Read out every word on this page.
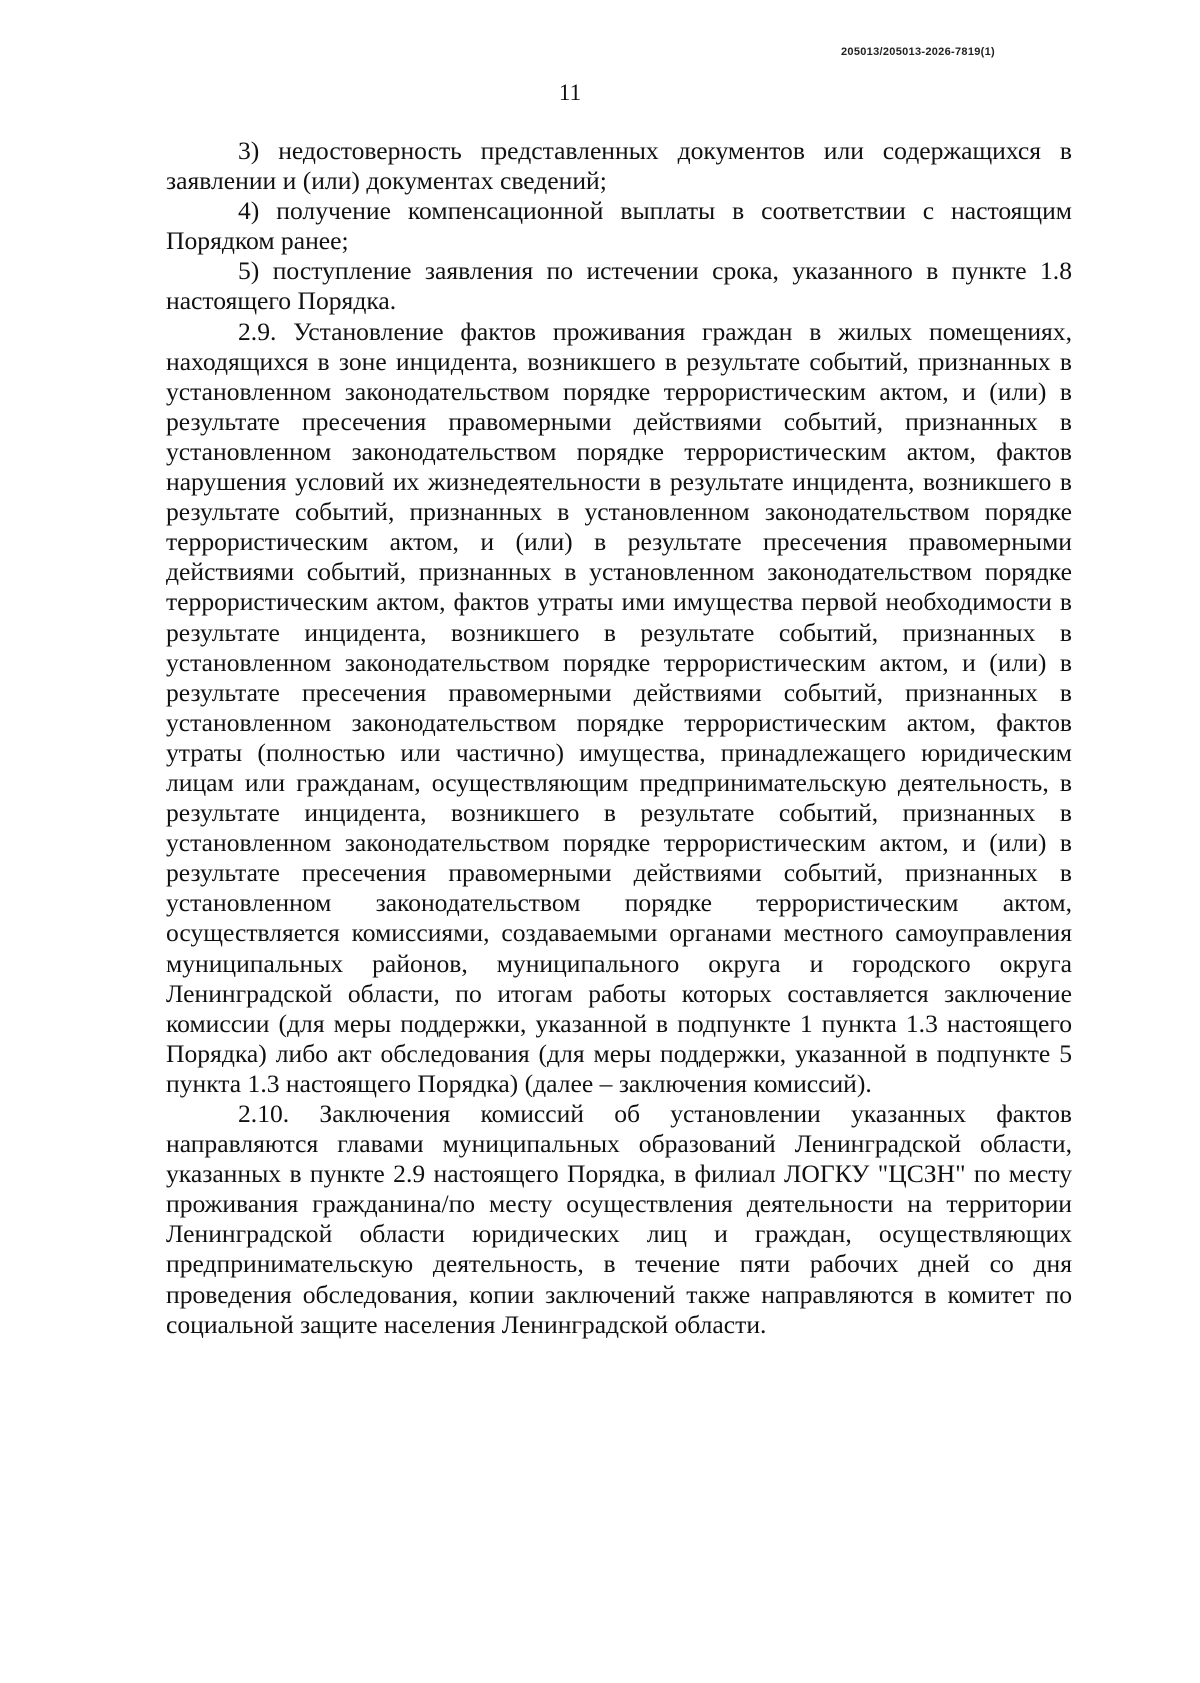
205013/205013-2026-7819(1)
11

3) недостоверность представленных документов или содержащихся в заявлении и (или) документах сведений;

4) получение компенсационной выплаты в соответствии с настоящим Порядком ранее;

5) поступление заявления по истечении срока, указанного в пункте 1.8 настоящего Порядка.

2.9. Установление фактов проживания граждан в жилых помещениях, находящихся в зоне инцидента, возникшего в результате событий, признанных в установленном законодательством порядке террористическим актом, и (или) в результате пресечения правомерными действиями событий, признанных в установленном законодательством порядке террористическим актом, фактов нарушения условий их жизнедеятельности в результате инцидента, возникшего в результате событий, признанных в установленном законодательством порядке террористическим актом, и (или) в результате пресечения правомерными действиями событий, признанных в установленном законодательством порядке террористическим актом, фактов утраты ими имущества первой необходимости в результате инцидента, возникшего в результате событий, признанных в установленном законодательством порядке террористическим актом, и (или) в результате пресечения правомерными действиями событий, признанных в установленном законодательством порядке террористическим актом, фактов утраты (полностью или частично) имущества, принадлежащего юридическим лицам или гражданам, осуществляющим предпринимательскую деятельность, в результате инцидента, возникшего в результате событий, признанных в установленном законодательством порядке террористическим актом, и (или) в результате пресечения правомерными действиями событий, признанных в установленном законодательством порядке террористическим актом, осуществляется комиссиями, создаваемыми органами местного самоуправления муниципальных районов, муниципального округа и городского округа Ленинградской области, по итогам работы которых составляется заключение комиссии (для меры поддержки, указанной в подпункте 1 пункта 1.3 настоящего Порядка) либо акт обследования (для меры поддержки, указанной в подпункте 5 пункта 1.3 настоящего Порядка) (далее – заключения комиссий).

2.10. Заключения комиссий об установлении указанных фактов направляются главами муниципальных образований Ленинградской области, указанных в пункте 2.9 настоящего Порядка, в филиал ЛОГКУ "ЦСЗН" по месту проживания гражданина/по месту осуществления деятельности на территории Ленинградской области юридических лиц и граждан, осуществляющих предпринимательскую деятельность, в течение пяти рабочих дней со дня проведения обследования, копии заключений также направляются в комитет по социальной защите населения Ленинградской области.
